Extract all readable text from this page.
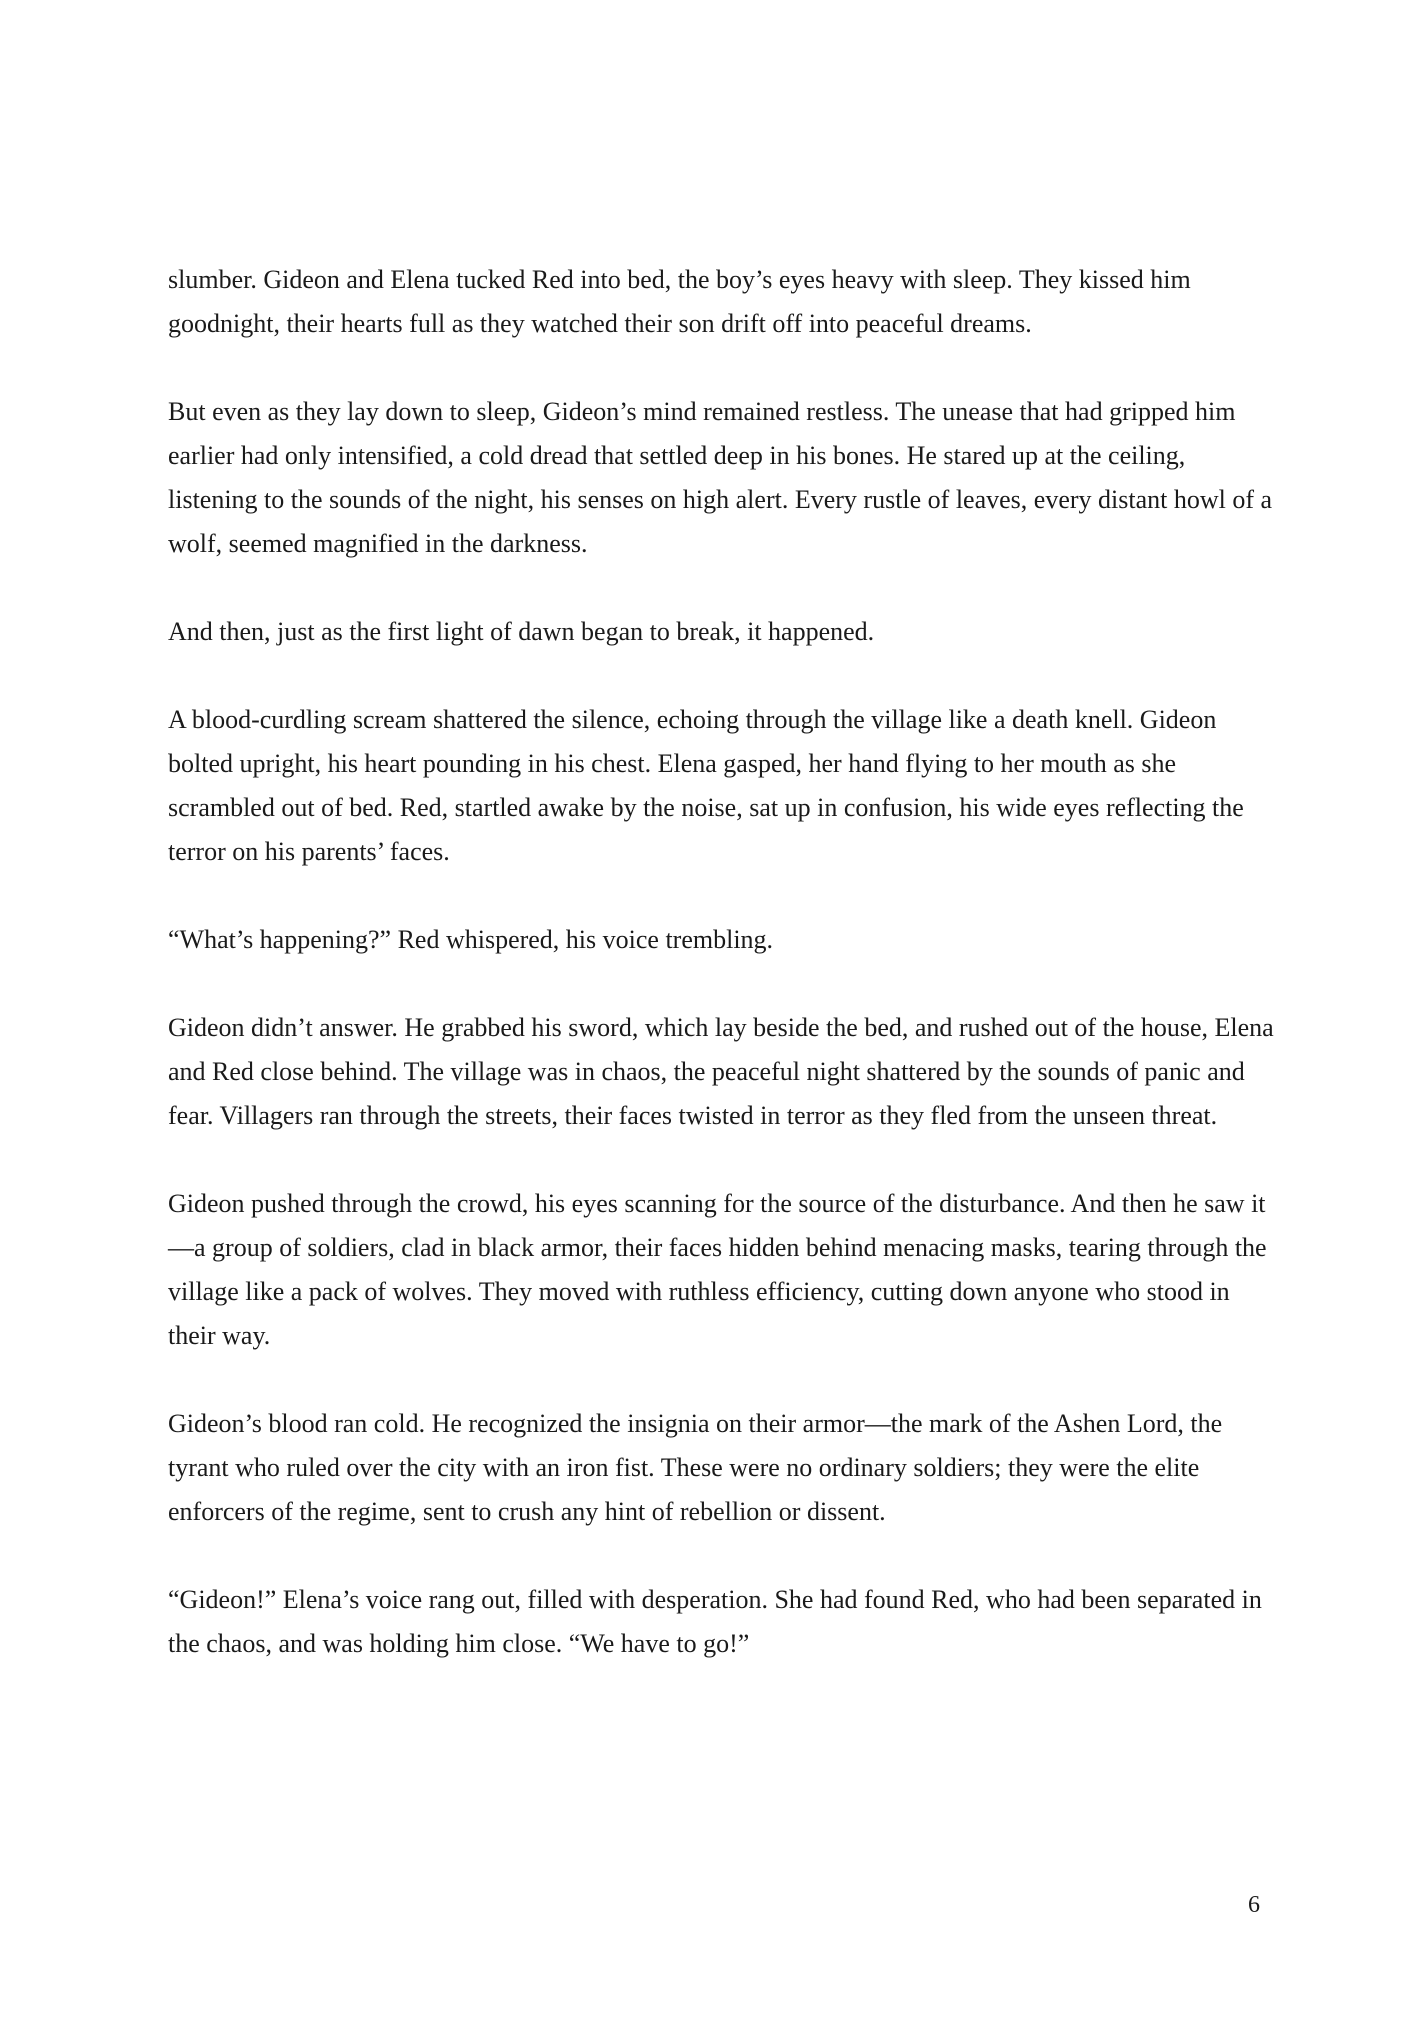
slumber. Gideon and Elena tucked Red into bed, the boy’s eyes heavy with sleep. They kissed him goodnight, their hearts full as they watched their son drift off into peaceful dreams.

But even as they lay down to sleep, Gideon’s mind remained restless. The unease that had gripped him earlier had only intensified, a cold dread that settled deep in his bones. He stared up at the ceiling, listening to the sounds of the night, his senses on high alert. Every rustle of leaves, every distant howl of a wolf, seemed magnified in the darkness.

And then, just as the first light of dawn began to break, it happened.

A blood-curdling scream shattered the silence, echoing through the village like a death knell. Gideon bolted upright, his heart pounding in his chest. Elena gasped, her hand flying to her mouth as she scrambled out of bed. Red, startled awake by the noise, sat up in confusion, his wide eyes reflecting the terror on his parents’ faces.

“What’s happening?” Red whispered, his voice trembling.

Gideon didn’t answer. He grabbed his sword, which lay beside the bed, and rushed out of the house, Elena and Red close behind. The village was in chaos, the peaceful night shattered by the sounds of panic and fear. Villagers ran through the streets, their faces twisted in terror as they fled from the unseen threat.

Gideon pushed through the crowd, his eyes scanning for the source of the disturbance. And then he saw it—a group of soldiers, clad in black armor, their faces hidden behind menacing masks, tearing through the village like a pack of wolves. They moved with ruthless efficiency, cutting down anyone who stood in their way.

Gideon’s blood ran cold. He recognized the insignia on their armor—the mark of the Ashen Lord, the tyrant who ruled over the city with an iron fist. These were no ordinary soldiers; they were the elite enforcers of the regime, sent to crush any hint of rebellion or dissent.

“Gideon!” Elena’s voice rang out, filled with desperation. She had found Red, who had been separated in the chaos, and was holding him close. “We have to go!”

6
